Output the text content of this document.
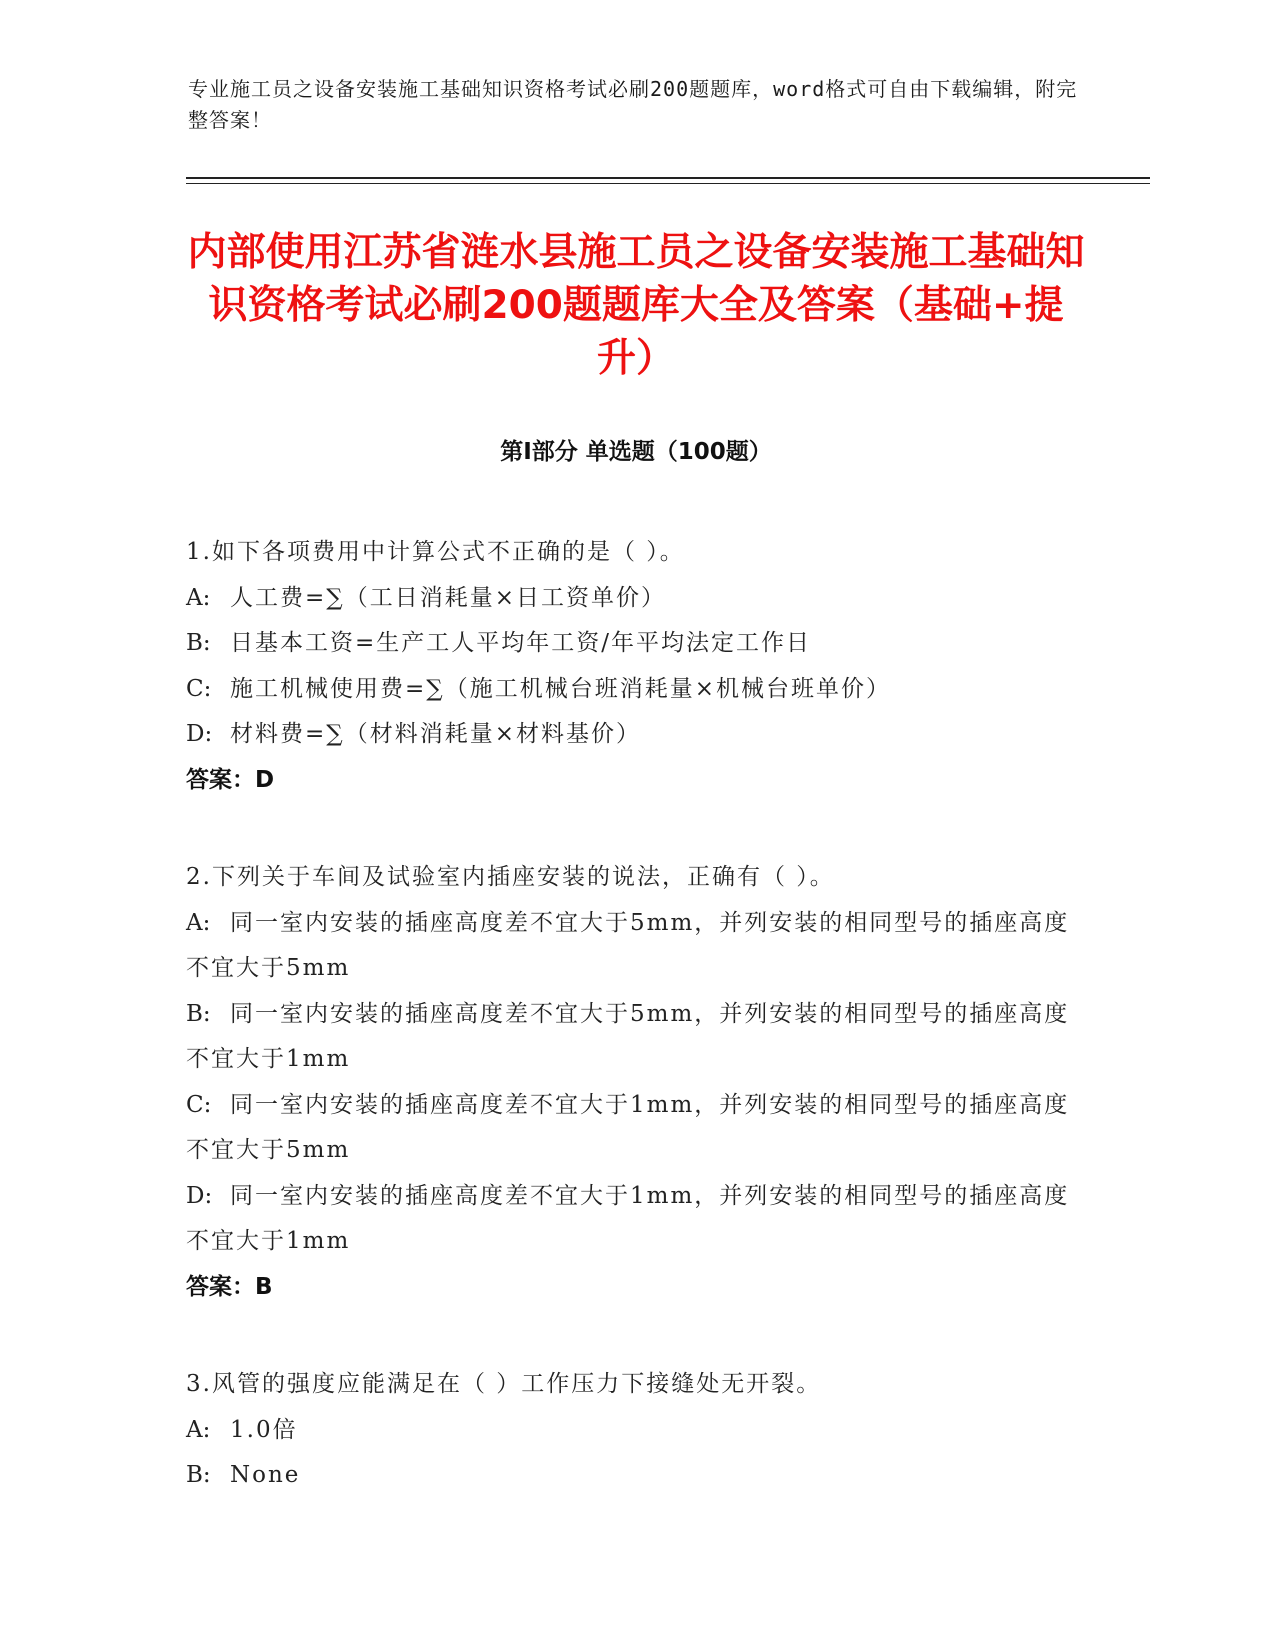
专业施工员之设备安装施工基础知识资格考试必刷200题题库，word格式可自由下载编辑，附完整答案！
内部使用江苏省涟水县施工员之设备安装施工基础知识资格考试必刷200题题库大全及答案（基础+提升）
第I部分 单选题（100题）

1.如下各项费用中计算公式不正确的是（ ）。

A: 人工费=∑（工日消耗量×日工资单价）

B: 日基本工资=生产工人平均年工资/年平均法定工作日

C: 施工机械使用费=∑（施工机械台班消耗量×机械台班单价）

D: 材料费=∑（材料消耗量×材料基价）

答案：D

2.下列关于车间及试验室内插座安装的说法，正确有（ ）。

A: 同一室内安装的插座高度差不宜大于5mm，并列安装的相同型号的插座高度不宜大于5mm

B: 同一室内安装的插座高度差不宜大于5mm，并列安装的相同型号的插座高度不宜大于1mm

C: 同一室内安装的插座高度差不宜大于1mm，并列安装的相同型号的插座高度不宜大于5mm

D: 同一室内安装的插座高度差不宜大于1mm，并列安装的相同型号的插座高度不宜大于1mm

答案：B

3.风管的强度应能满足在（ ）工作压力下接缝处无开裂。

A: 1.0倍

B: None
